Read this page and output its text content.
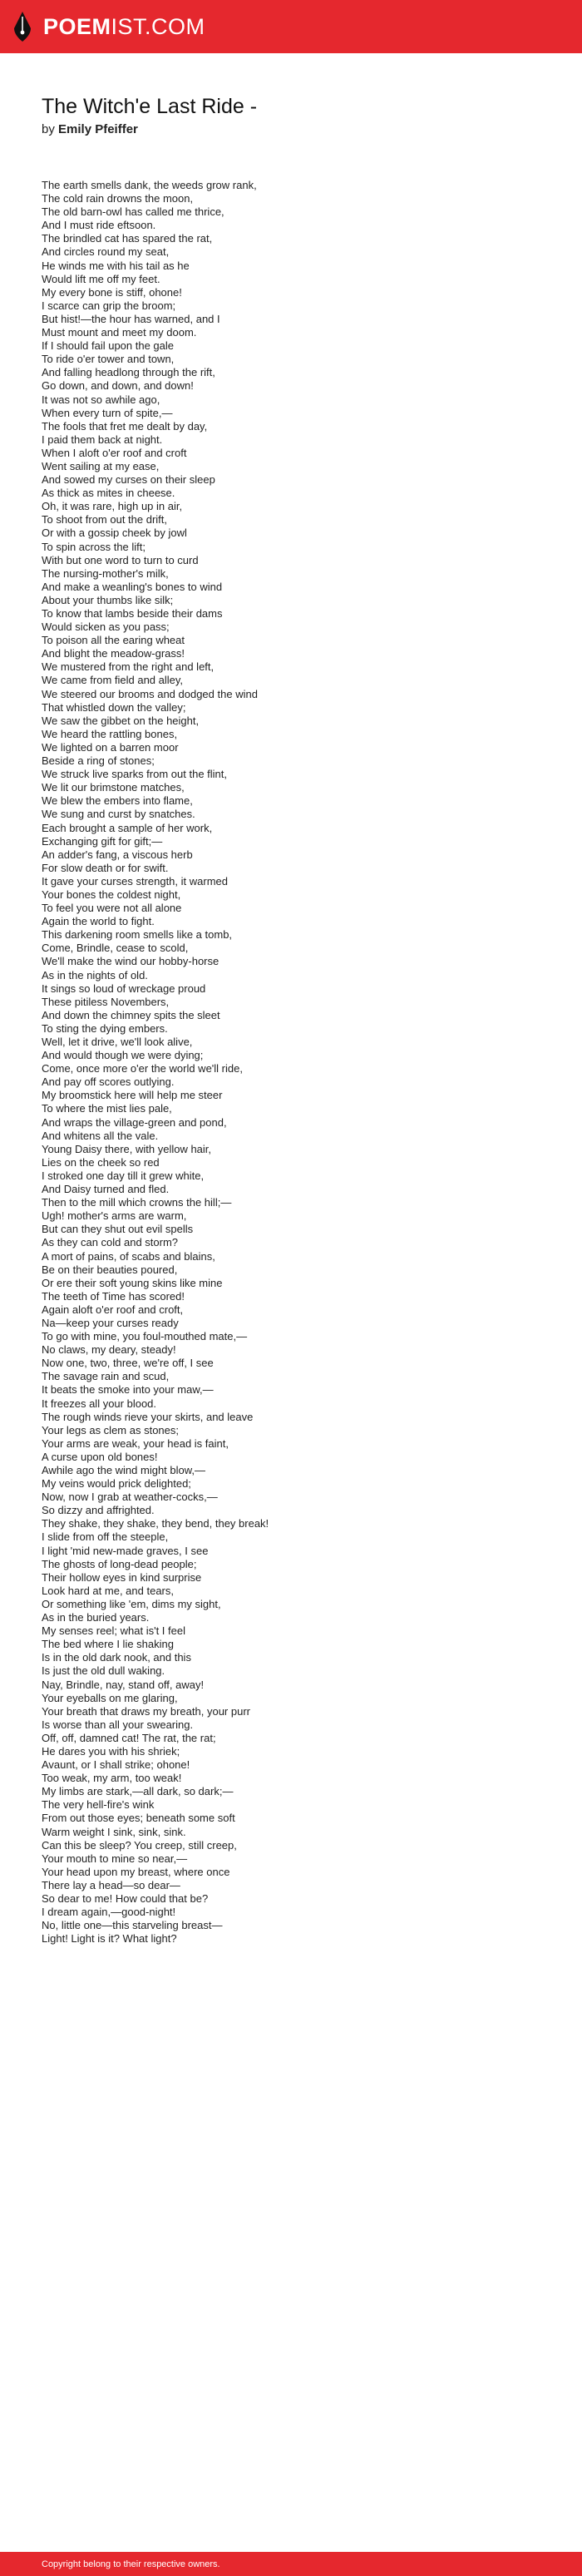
POEM IST.COM
The Witch'e Last Ride -
by Emily Pfeiffer
The earth smells dank, the weeds grow rank,
The cold rain drowns the moon,
The old barn-owl has called me thrice,
And I must ride eftsoon.
The brindled cat has spared the rat,
And circles round my seat,
He winds me with his tail as he
Would lift me off my feet.
My every bone is stiff, ohone!
I scarce can grip the broom;
But hist!—the hour has warned, and I
Must mount and meet my doom.
If I should fail upon the gale
To ride o'er tower and town,
And falling headlong through the rift,
Go down, and down, and down!
It was not so awhile ago,
When every turn of spite,—
The fools that fret me dealt by day,
I paid them back at night.
When I aloft o'er roof and croft
Went sailing at my ease,
And sowed my curses on their sleep
As thick as mites in cheese.
Oh, it was rare, high up in air,
To shoot from out the drift,
Or with a gossip cheek by jowl
To spin across the lift;
With but one word to turn to curd
The nursing-mother's milk,
And make a weanling's bones to wind
About your thumbs like silk;
To know that lambs beside their dams
Would sicken as you pass;
To poison all the earing wheat
And blight the meadow-grass!
We mustered from the right and left,
We came from field and alley,
We steered our brooms and dodged the wind
That whistled down the valley;
We saw the gibbet on the height,
We heard the rattling bones,
We lighted on a barren moor
Beside a ring of stones;
We struck live sparks from out the flint,
We lit our brimstone matches,
We blew the embers into flame,
We sung and curst by snatches.
Each brought a sample of her work,
Exchanging gift for gift;—
An adder's fang, a viscous herb
For slow death or for swift.
It gave your curses strength, it warmed
Your bones the coldest night,
To feel you were not all alone
Again the world to fight.
This darkening room smells like a tomb,
Come, Brindle, cease to scold,
We'll make the wind our hobby-horse
As in the nights of old.
It sings so loud of wreckage proud
These pitiless Novembers,
And down the chimney spits the sleet
To sting the dying embers.
Well, let it drive, we'll look alive,
And would though we were dying;
Come, once more o'er the world we'll ride,
And pay off scores outlying.
My broomstick here will help me steer
To where the mist lies pale,
And wraps the village-green and pond,
And whitens all the vale.
Young Daisy there, with yellow hair,
Lies on the cheek so red
I stroked one day till it grew white,
And Daisy turned and fled.
Then to the mill which crowns the hill;—
Ugh! mother's arms are warm,
But can they shut out evil spells
As they can cold and storm?
A mort of pains, of scabs and blains,
Be on their beauties poured,
Or ere their soft young skins like mine
The teeth of Time has scored!
Again aloft o'er roof and croft,
Na—keep your curses ready
To go with mine, you foul-mouthed mate,—
No claws, my deary, steady!
Now one, two, three, we're off, I see
The savage rain and scud,
It beats the smoke into your maw,—
It freezes all your blood.
The rough winds rieve your skirts, and leave
Your legs as clem as stones;
Your arms are weak, your head is faint,
A curse upon old bones!
Awhile ago the wind might blow,—
My veins would prick delighted;
Now, now I grab at weather-cocks,—
So dizzy and affrighted.
They shake, they shake, they bend, they break!
I slide from off the steeple,
I light 'mid new-made graves, I see
The ghosts of long-dead people;
Their hollow eyes in kind surprise
Look hard at me, and tears,
Or something like 'em, dims my sight,
As in the buried years.
My senses reel; what is't I feel
The bed where I lie shaking
Is in the old dark nook, and this
Is just the old dull waking.
Nay, Brindle, nay, stand off, away!
Your eyeballs on me glaring,
Your breath that draws my breath, your purr
Is worse than all your swearing.
Off, off, damned cat! The rat, the rat;
He dares you with his shriek;
Avaunt, or I shall strike; ohone!
Too weak, my arm, too weak!
My limbs are stark,—all dark, so dark;—
The very hell-fire's wink
From out those eyes; beneath some soft
Warm weight I sink, sink, sink.
Can this be sleep? You creep, still creep,
Your mouth to mine so near,—
Your head upon my breast, where once
There lay a head—so dear—
So dear to me! How could that be?
I dream again,—good-night!
No, little one—this starveling breast—
Light! Light is it? What light?
Copyright belong to their respective owners.
